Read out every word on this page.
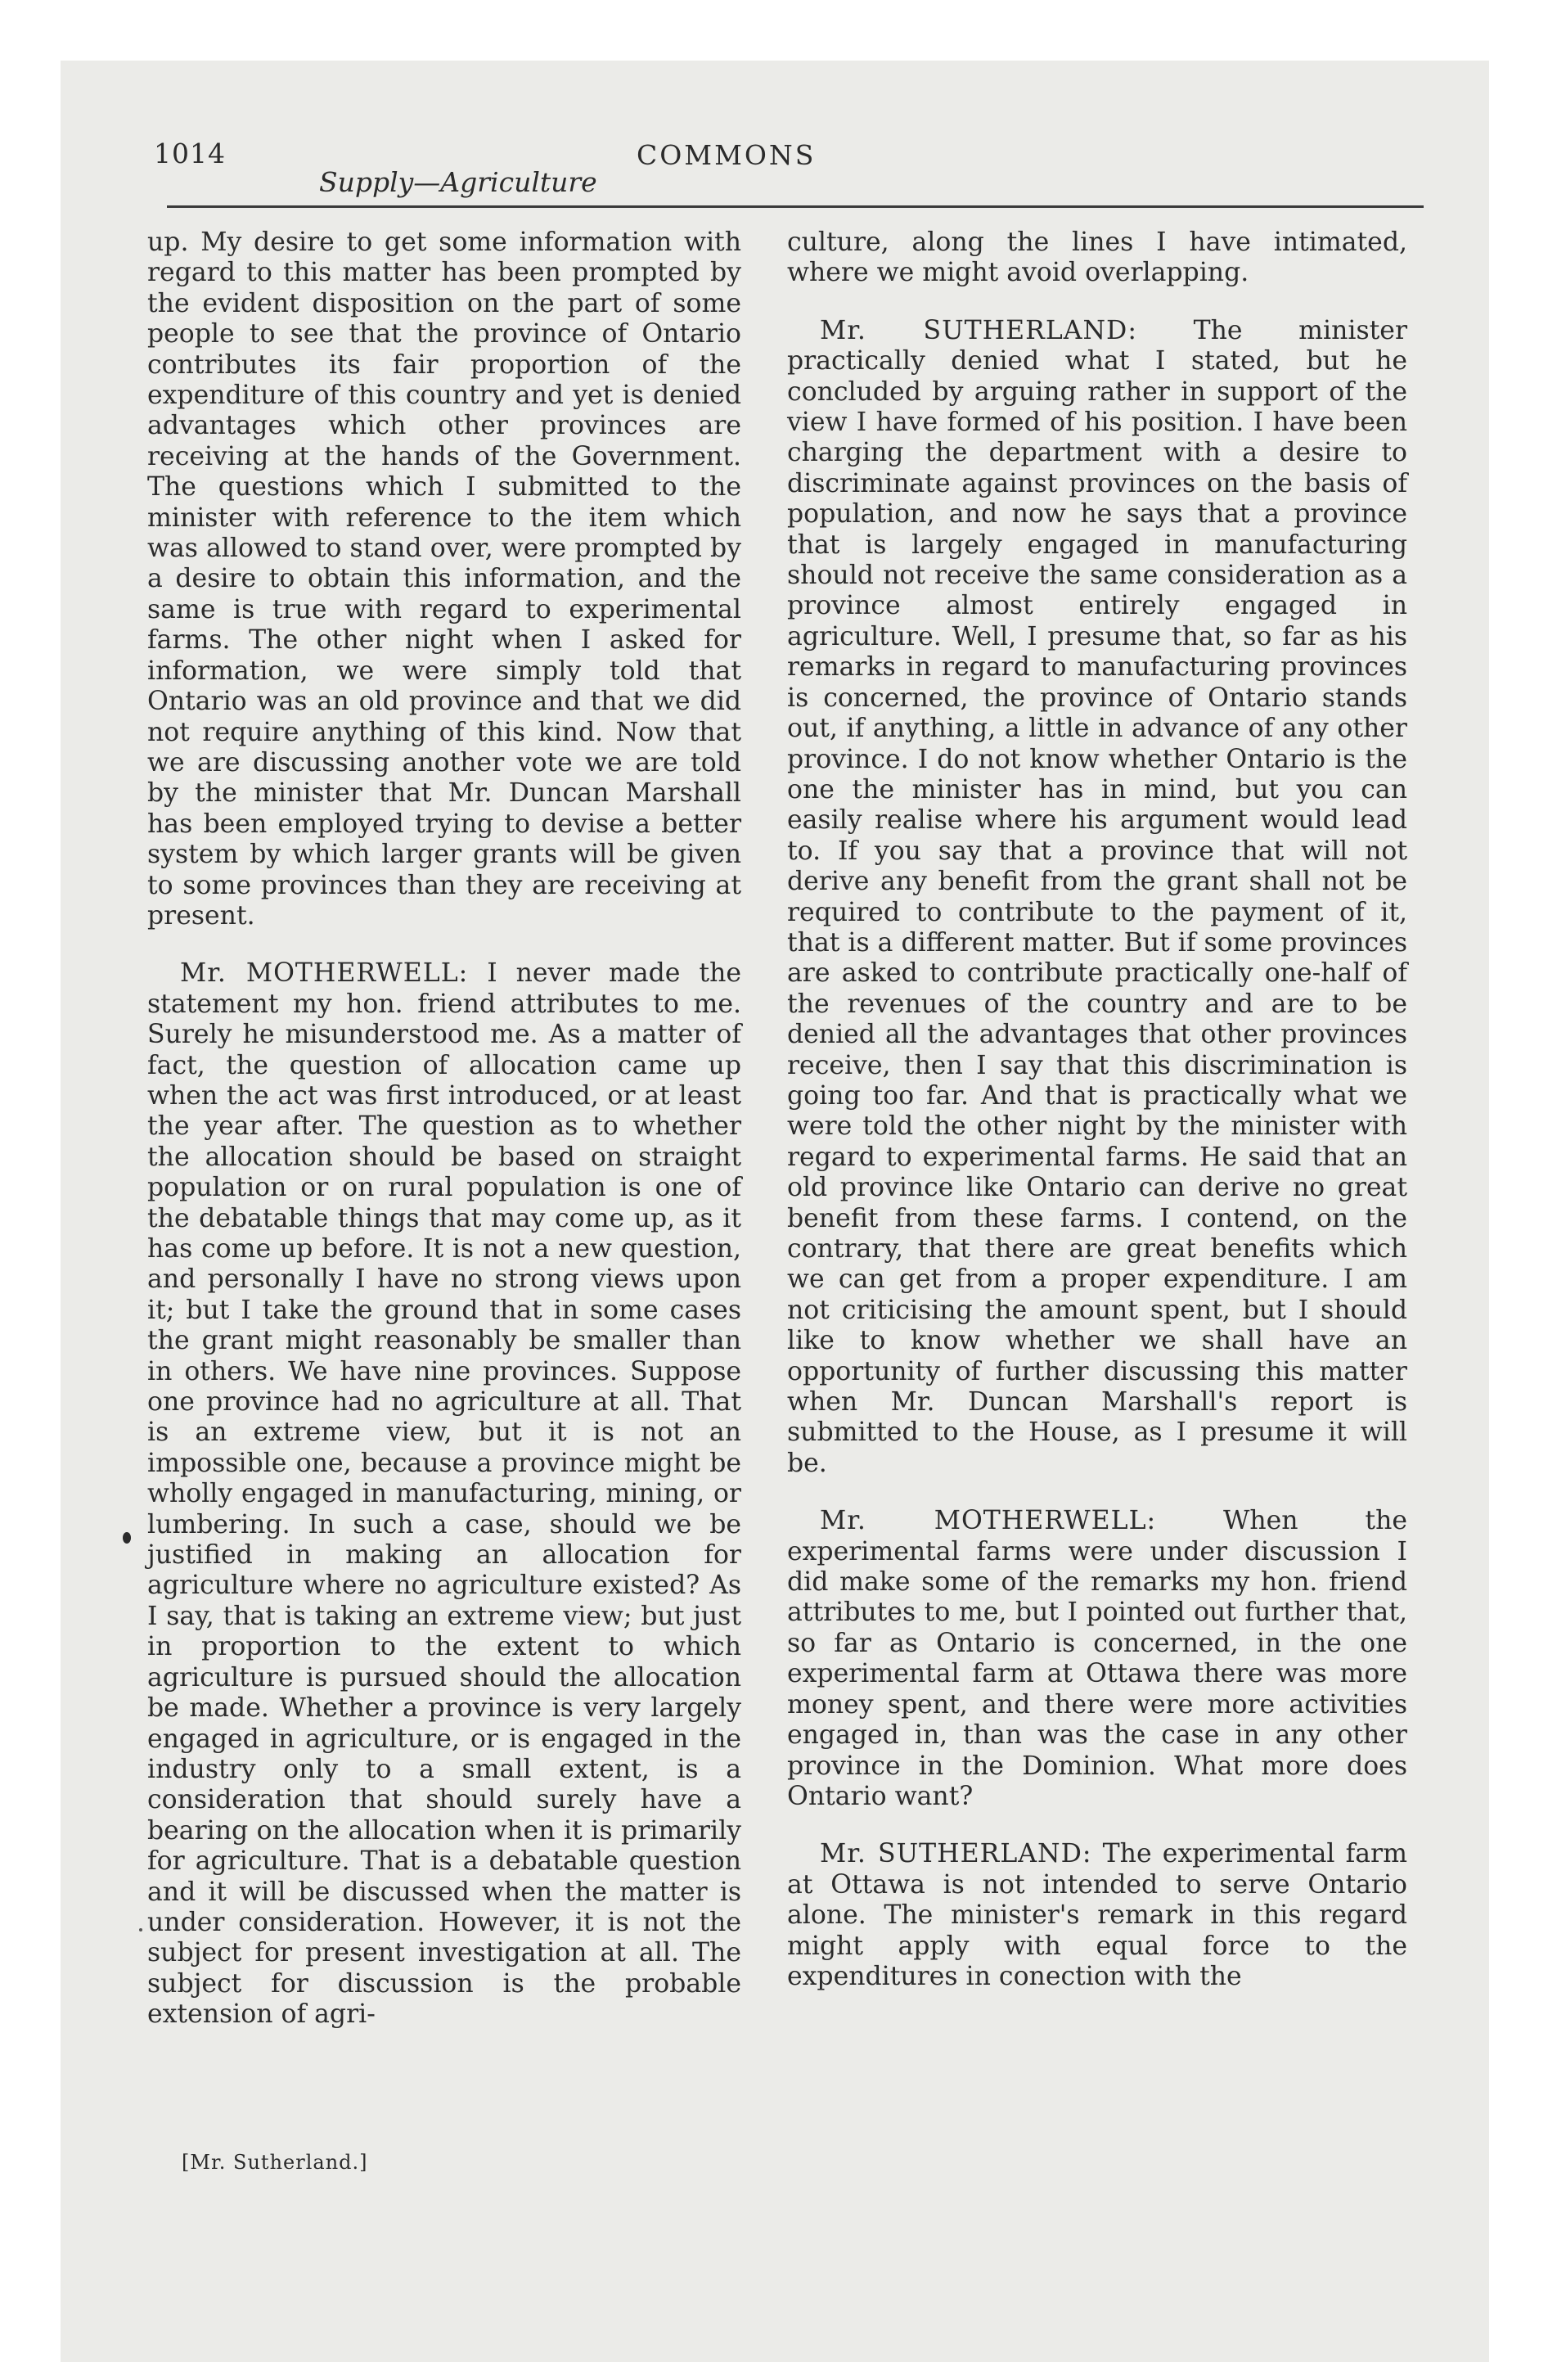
1014	COMMONS
Supply—Agriculture

up. My desire to get some information with regard to this matter has been prompted by the evident disposition on the part of some people to see that the province of Ontario contributes its fair proportion of the expenditure of this country and yet is denied advantages which other provinces are receiving at the hands of the Government. The questions which I submitted to the minister with reference to the item which was allowed to stand over, were prompted by a desire to obtain this information, and the same is true with regard to experimental farms. The other night when I asked for information, we were simply told that Ontario was an old province and that we did not require anything of this kind. Now that we are discussing another vote we are told by the minister that Mr. Duncan Marshall has been employed trying to devise a better system by which larger grants will be given to some provinces than they are receiving at present.

Mr. MOTHERWELL: I never made the statement my hon. friend attributes to me. Surely he misunderstood me. As a matter of fact, the question of allocation came up when the act was first introduced, or at least the year after. The question as to whether the allocation should be based on straight population or on rural population is one of the debatable things that may come up, as it has come up before. It is not a new question, and personally I have no strong views upon it; but I take the ground that in some cases the grant might reasonably be smaller than in others. We have nine provinces. Suppose one province had no agriculture at all. That is an extreme view, but it is not an impossible one, because a province might be wholly engaged in manufacturing, mining, or lumbering. In such a case, should we be justified in making an allocation for agriculture where no agriculture existed? As I say, that is taking an extreme view; but just in proportion to the extent to which agriculture is pursued should the allocation be made. Whether a province is very largely engaged in agriculture, or is engaged in the industry only to a small extent, is a consideration that should surely have a bearing on the allocation when it is primarily for agriculture. That is a debatable question and it will be discussed when the matter is under consideration. However, it is not the subject for present investigation at all. The subject for discussion is the probable extension of agri-

culture, along the lines I have intimated, where we might avoid overlapping.

Mr. SUTHERLAND: The minister practically denied what I stated, but he concluded by arguing rather in support of the view I have formed of his position. I have been charging the department with a desire to discriminate against provinces on the basis of population, and now he says that a province that is largely engaged in manufacturing should not receive the same consideration as a province almost entirely engaged in agriculture. Well, I presume that, so far as his remarks in regard to manufacturing provinces is concerned, the province of Ontario stands out, if anything, a little in advance of any other province. I do not know whether Ontario is the one the minister has in mind, but you can easily realise where his argument would lead to. If you say that a province that will not derive any benefit from the grant shall not be required to contribute to the payment of it, that is a different matter. But if some provinces are asked to contribute practically one-half of the revenues of the country and are to be denied all the advantages that other provinces receive, then I say that this discrimination is going too far. And that is practically what we were told the other night by the minister with regard to experimental farms. He said that an old province like Ontario can derive no great benefit from these farms. I contend, on the contrary, that there are great benefits which we can get from a proper expenditure. I am not criticising the amount spent, but I should like to know whether we shall have an opportunity of further discussing this matter when Mr. Duncan Marshall's report is submitted to the House, as I presume it will be.

Mr. MOTHERWELL:	When the experimental farms were under discussion I did make some of the remarks my hon. friend attributes to me, but I pointed out further that, so far as Ontario is concerned, in the one experimental farm at Ottawa there was more money spent, and there were more activities engaged in, than was the case in any other province in the Dominion. What more does Ontario want?

Mr. SUTHERLAND: The experimental farm at Ottawa is not intended to serve Ontario alone. The minister's remark in this regard might apply with equal force to the expenditures in conection with the

[Mr. Sutherland.]
